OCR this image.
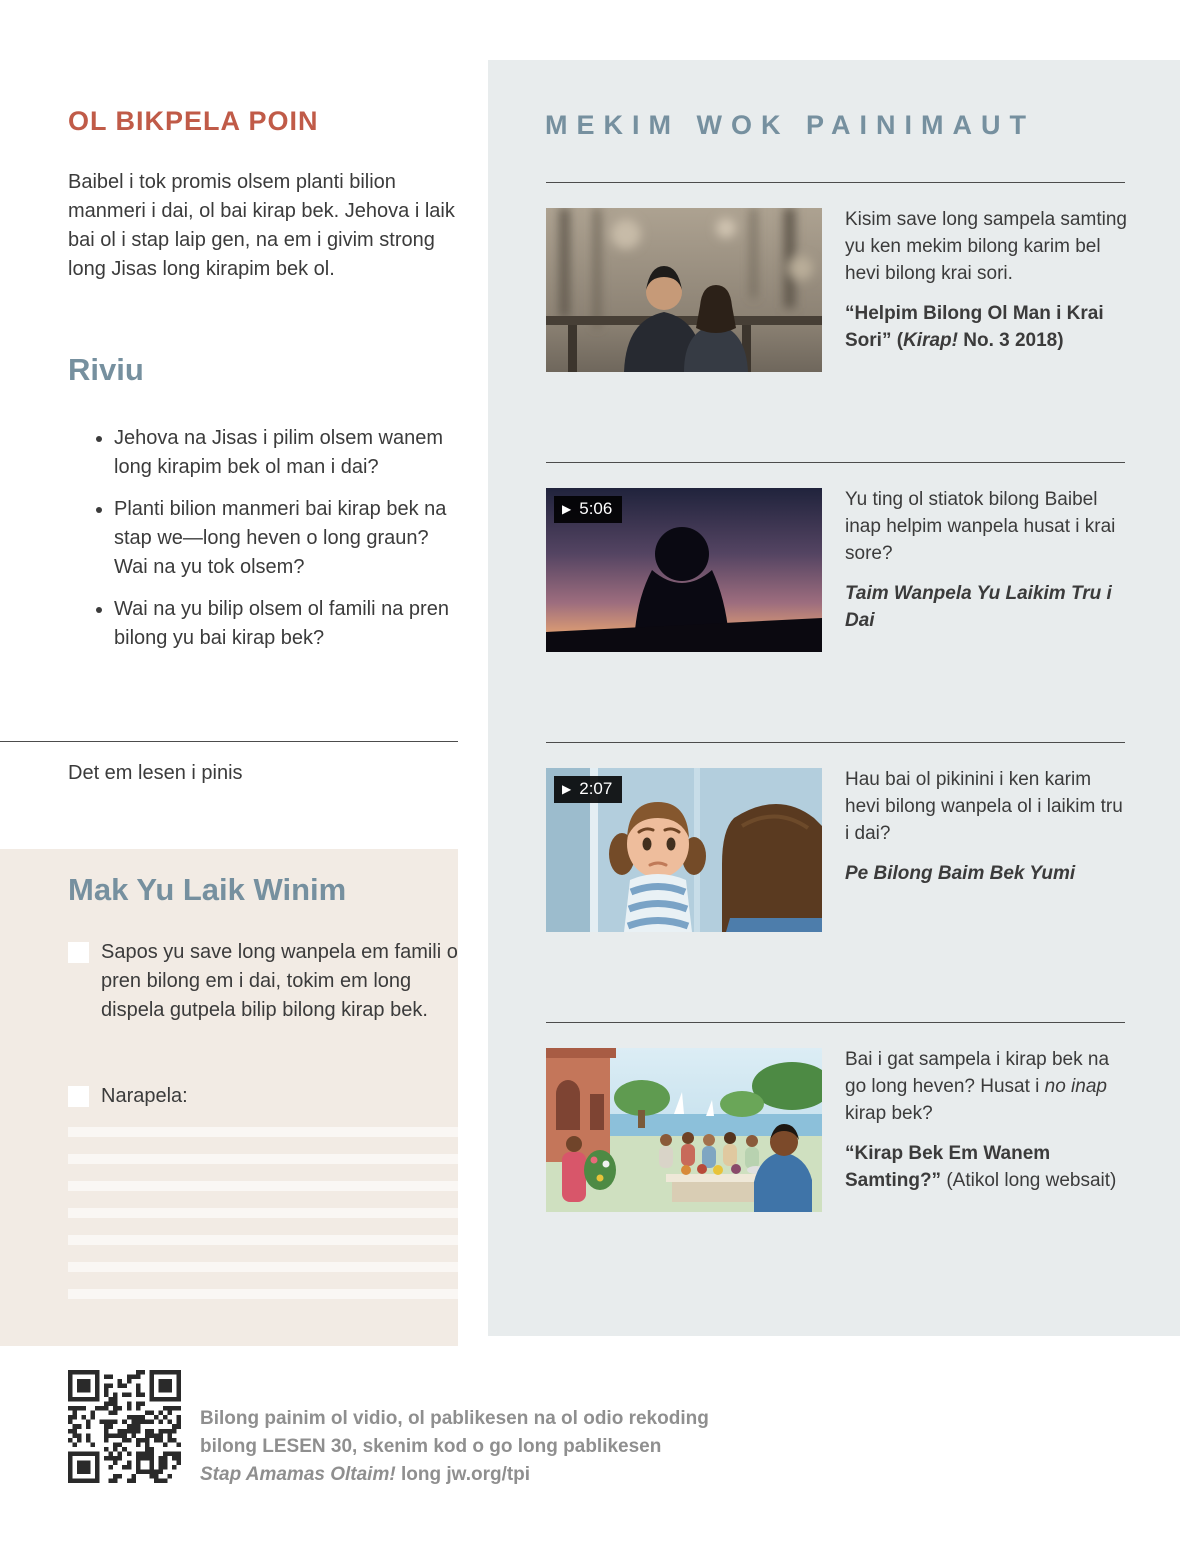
OL BIKPELA POIN

Baibel i tok promis olsem planti bilion manmeri i dai, ol bai kirap bek. Jehova i laik bai ol i stap laip gen, na em i givim strong long Jisas long kirapim bek ol.

Riviu
• Jehova na Jisas i pilim olsem wanem long kirapim bek ol man i dai?
• Planti bilion manmeri bai kirap bek na stap we—long heven o long graun? Wai na yu tok olsem?
• Wai na yu bilip olsem ol famili na pren bilong yu bai kirap bek?

Det em lesen i pinis

Mak Yu Laik Winim
Sapos yu save long wanpela em famili o pren bilong em i dai, tokim em long dispela gutpela bilip bilong kirap bek.
Narapela:
MEKIM WOK PAINIMAUT

Kisim save long sampela samting yu ken mekim bilong karim bel hevi bilong krai sori.

“Helpim Bilong Ol Man i Krai Sori” (Kirap! No. 3 2018)

▶ 5:06	Yu ting ol stiatok bilong Baibel inap helpim wanpela husat i krai sore?

Taim Wanpela Yu Laikim Tru i Dai

▶ 2:07	Hau bai ol pikinini i ken karim hevi bilong wanpela ol i laikim tru i dai?

Pe Bilong Baim Bek Yumi

Bai i gat sampela i kirap bek na go long heven? Husat i no inap kirap bek?

“Kirap Bek Em Wanem Samting?” (Atikol long websait)

Bilong painim ol vidio, ol pablikesen na ol odio rekoding
bilong LESEN 30, skenim kod o go long pablikesen
Stap Amamas Oltaim! long jw.org/tpi
